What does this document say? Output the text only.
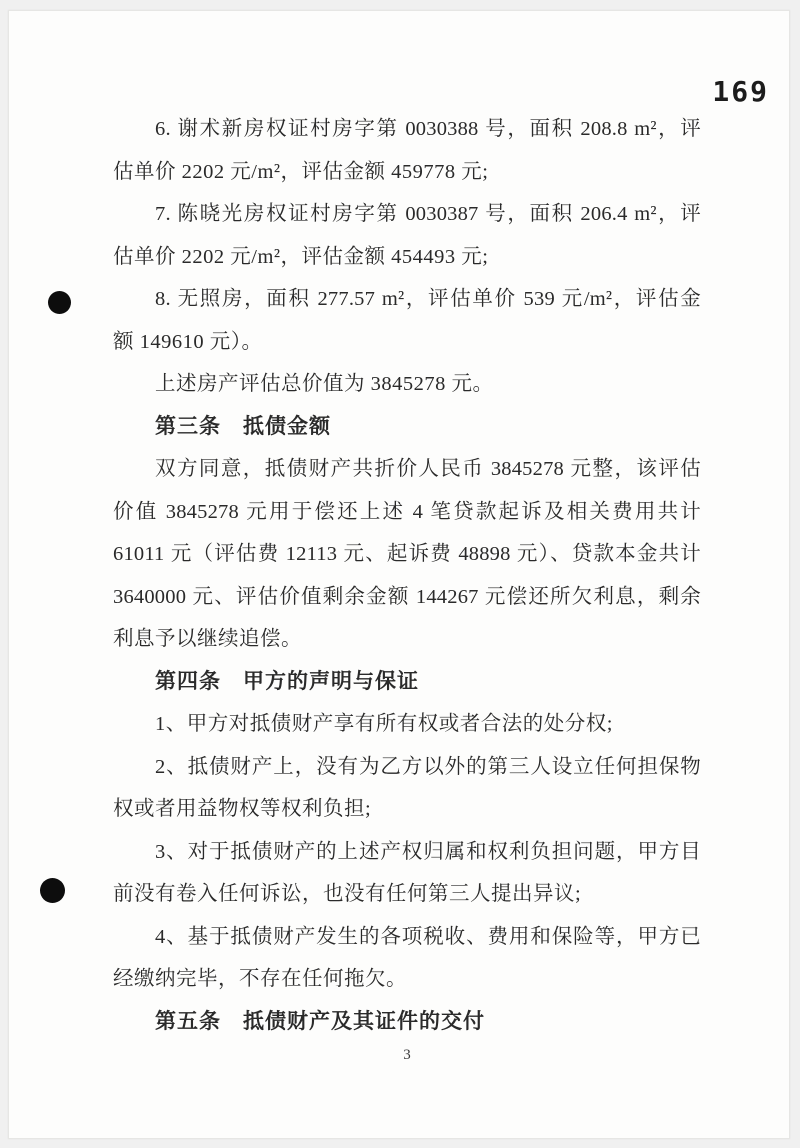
169
6. 谢术新房权证村房字第 0030388 号，面积 208.8 m²，评
估单价 2202 元/m²，评估金额 459778 元;
7. 陈晓光房权证村房字第 0030387 号，面积 206.4 m²，评
估单价 2202 元/m²，评估金额 454493 元;
8. 无照房，面积 277.57 m²，评估单价 539 元/m²，评估金
额 149610 元）。
上述房产评估总价值为 3845278 元。
第三条　抵债金额
双方同意，抵债财产共折价人民币 3845278 元整，该评估
价值 3845278 元用于偿还上述 4 笔贷款起诉及相关费用共计
61011 元（评估费 12113 元、起诉费 48898 元）、贷款本金共计
3640000 元、评估价值剩余金额 144267 元偿还所欠利息，剩余
利息予以继续追偿。
第四条　甲方的声明与保证
1、甲方对抵债财产享有所有权或者合法的处分权;
2、抵债财产上，没有为乙方以外的第三人设立任何担保物
权或者用益物权等权利负担;
3、对于抵债财产的上述产权归属和权利负担问题，甲方目
前没有卷入任何诉讼，也没有任何第三人提出异议;
4、基于抵债财产发生的各项税收、费用和保险等，甲方已
经缴纳完毕，不存在任何拖欠。
第五条　抵债财产及其证件的交付
3
